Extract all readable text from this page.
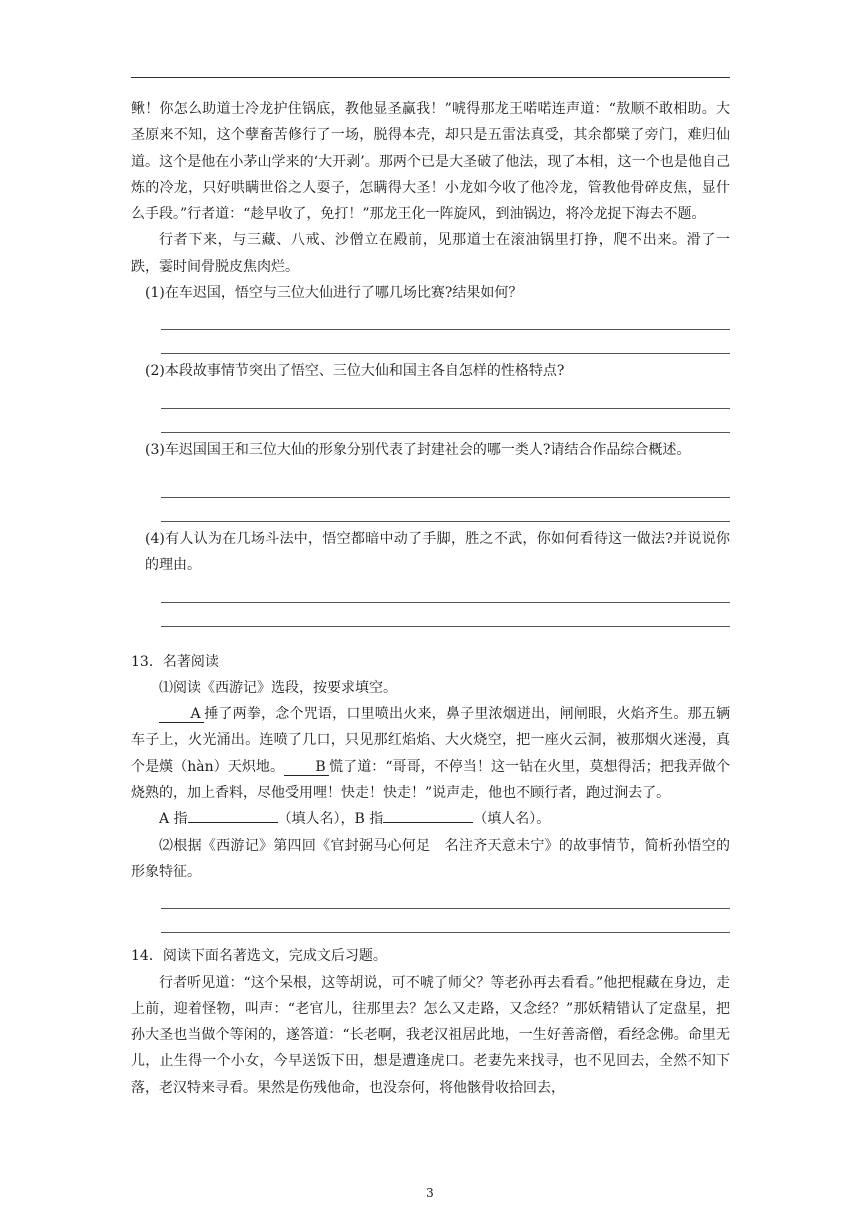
鳅！你怎么助道士冷龙护住锅底，教他显圣赢我！”唬得那龙王喏喏连声道：“敖顺不敢相助。大圣原来不知，这个孽畜苦修行了一场，脱得本壳，却只是五雷法真受，其余都檗了旁门，难归仙道。这个是他在小茅山学来的‘大开剥’。那两个已是大圣破了他法，现了本相，这一个也是他自己炼的冷龙，只好哄瞒世俗之人耍子，怎瞒得大圣！小龙如今收了他冷龙，管教他骨碎皮焦，显什么手段。”行者道：“趁早收了，免打！”那龙王化一阵旋风，到油锅边，将冷龙捉下海去不题。

行者下来，与三藏、八戒、沙僧立在殿前，见那道士在滚油锅里打挣，爬不出来。滑了一跌，霎时间骨脱皮焦肉烂。

(1)在车迟国，悟空与三位大仙进行了哪几场比赛?结果如何？

(2)本段故事情节突出了悟空、三位大仙和国主各自怎样的性格特点?

(3)车迟国国王和三位大仙的形象分别代表了封建社会的哪一类人?请结合作品综合概述。

(4)有人认为在几场斗法中，悟空都暗中动了手脚，胜之不武，你如何看待这一做法?并说说你的理由。

13．名著阅读

⑴阅读《西游记》选段，按要求填空。

A 捶了两拳，念个咒语，口里喷出火来，鼻子里浓烟迸出，闸闸眼，火焰齐生。那五辆车子上，火光涌出。连喷了几口，只见那红焰焰、大火烧空，把一座火云洞，被那烟火迷漫，真个是熯（hàn）天炽地。 B 慌了道：“哥哥，不停当！这一钻在火里，莫想得活；把我弄做个烧熟的，加上香料，尽他受用哩！快走！快走！”说声走，他也不顾行者，跑过涧去了。

A 指	（填人名），B 指	（填人名）。

⑵根据《西游记》第四回《官封弼马心何足　名注齐天意未宁》的故事情节，简析孙悟空的形象特征。

14．阅读下面名著选文，完成文后习题。

行者听见道：“这个呆根，这等胡说，可不唬了师父？等老孙再去看看。”他把棍藏在身边，走上前，迎着怪物，叫声：“老官儿，往那里去？怎么又走路，又念经？”那妖精错认了定盘星，把孙大圣也当做个等闲的，遂答道：“长老啊，我老汉祖居此地，一生好善斋僧，看经念佛。命里无儿，止生得一个小女，今早送饭下田，想是遭逢虎口。老妻先来找寻，也不见回去，全然不知下落，老汉特来寻看。果然是伤残他命，也没奈何，将他骸骨收拾回去，

3
